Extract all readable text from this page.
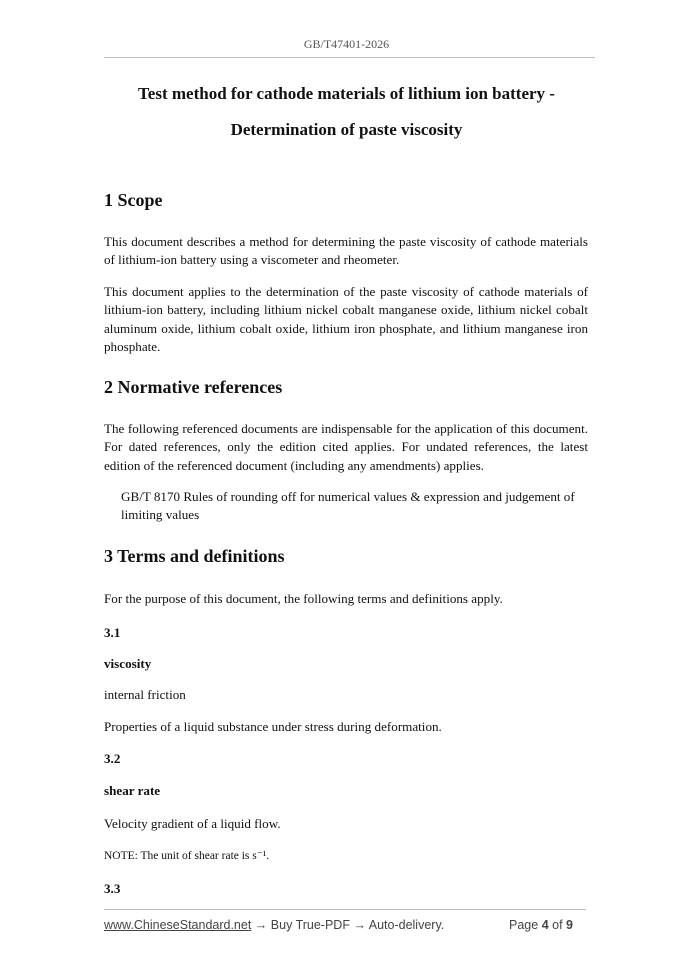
GB/T47401-2026
Test method for cathode materials of lithium ion battery -
Determination of paste viscosity
1 Scope
This document describes a method for determining the paste viscosity of cathode materials of lithium-ion battery using a viscometer and rheometer.
This document applies to the determination of the paste viscosity of cathode materials of lithium-ion battery, including lithium nickel cobalt manganese oxide, lithium nickel cobalt aluminum oxide, lithium cobalt oxide, lithium iron phosphate, and lithium manganese iron phosphate.
2 Normative references
The following referenced documents are indispensable for the application of this document. For dated references, only the edition cited applies. For undated references, the latest edition of the referenced document (including any amendments) applies.
GB/T 8170 Rules of rounding off for numerical values & expression and judgement of limiting values
3 Terms and definitions
For the purpose of this document, the following terms and definitions apply.
3.1
viscosity
internal friction
Properties of a liquid substance under stress during deformation.
3.2
shear rate
Velocity gradient of a liquid flow.
NOTE: The unit of shear rate is s⁻¹.
3.3
www.ChineseStandard.net → Buy True-PDF → Auto-delivery.	Page 4 of 9
